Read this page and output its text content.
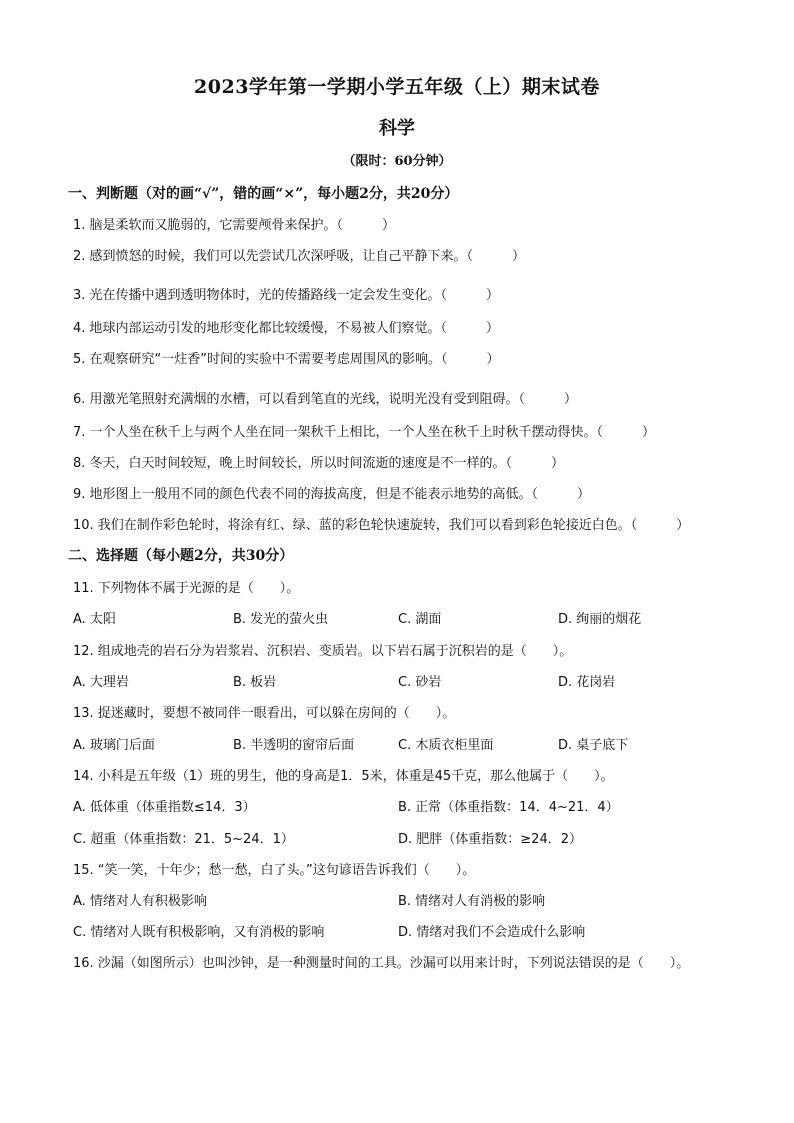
2023学年第一学期小学五年级（上）期末试卷
科学
（限时：60分钟）
一、判断题（对的画“√”，错的画“×”，每小题2分，共20分）
1. 脑是柔软而又脆弱的，它需要颅骨来保护。（　　　）
2. 感到愤怒的时候，我们可以先尝试几次深呼吸，让自己平静下来。（　　　）
3. 光在传播中遇到透明物体时，光的传播路线一定会发生变化。（　　　）
4. 地球内部运动引发的地形变化都比较缓慢，不易被人们察觉。（　　　）
5. 在观察研究“一炷香”时间的实验中不需要考虑周围风的影响。（　　　）
6. 用激光笔照射充满烟的水槽，可以看到笔直的光线，说明光没有受到阻碍。（　　　）
7. 一个人坐在秋千上与两个人坐在同一架秋千上相比，一个人坐在秋千上时秋千摆动得快。（　　　）
8. 冬天，白天时间较短，晚上时间较长，所以时间流逝的速度是不一样的。（　　　）
9. 地形图上一般用不同的颜色代表不同的海拔高度，但是不能表示地势的高低。（　　　）
10. 我们在制作彩色轮时，将涂有红、绿、蓝的彩色轮快速旋转，我们可以看到彩色轮接近白色。（　　　）
二、选择题（每小题2分，共30分）
11. 下列物体不属于光源的是（　　）。
A. 太阳	B. 发光的萤火虫	C. 湖面	D. 绚丽的烟花
12. 组成地壳的岩石分为岩浆岩、沉积岩、变质岩。以下岩石属于沉积岩的是（　　）。
A. 大理岩	B. 板岩	C. 砂岩	D. 花岗岩
13. 捉迷藏时，要想不被同伴一眼看出，可以躲在房间的（　　）。
A. 玻璃门后面	B. 半透明的窗帘后面	C. 木质衣柜里面	D. 桌子底下
14. 小科是五年级（1）班的男生，他的身高是1．5米，体重是45千克，那么他属于（　　）。
A. 低体重（体重指数≤14．3）	B. 正常（体重指数：14．4~21．4）
C. 超重（体重指数：21．5~24．1）	D. 肥胖（体重指数：≥24．2）
15. “笑一笑，十年少；愁一愁，白了头。”这句谚语告诉我们（　　）。
A. 情绪对人有积极影响	B. 情绪对人有消极的影响
C. 情绪对人既有积极影响，又有消极的影响	D. 情绪对我们不会造成什么影响
16. 沙漏（如图所示）也叫沙钟，是一种测量时间的工具。沙漏可以用来计时，下列说法错误的是（　　）。
